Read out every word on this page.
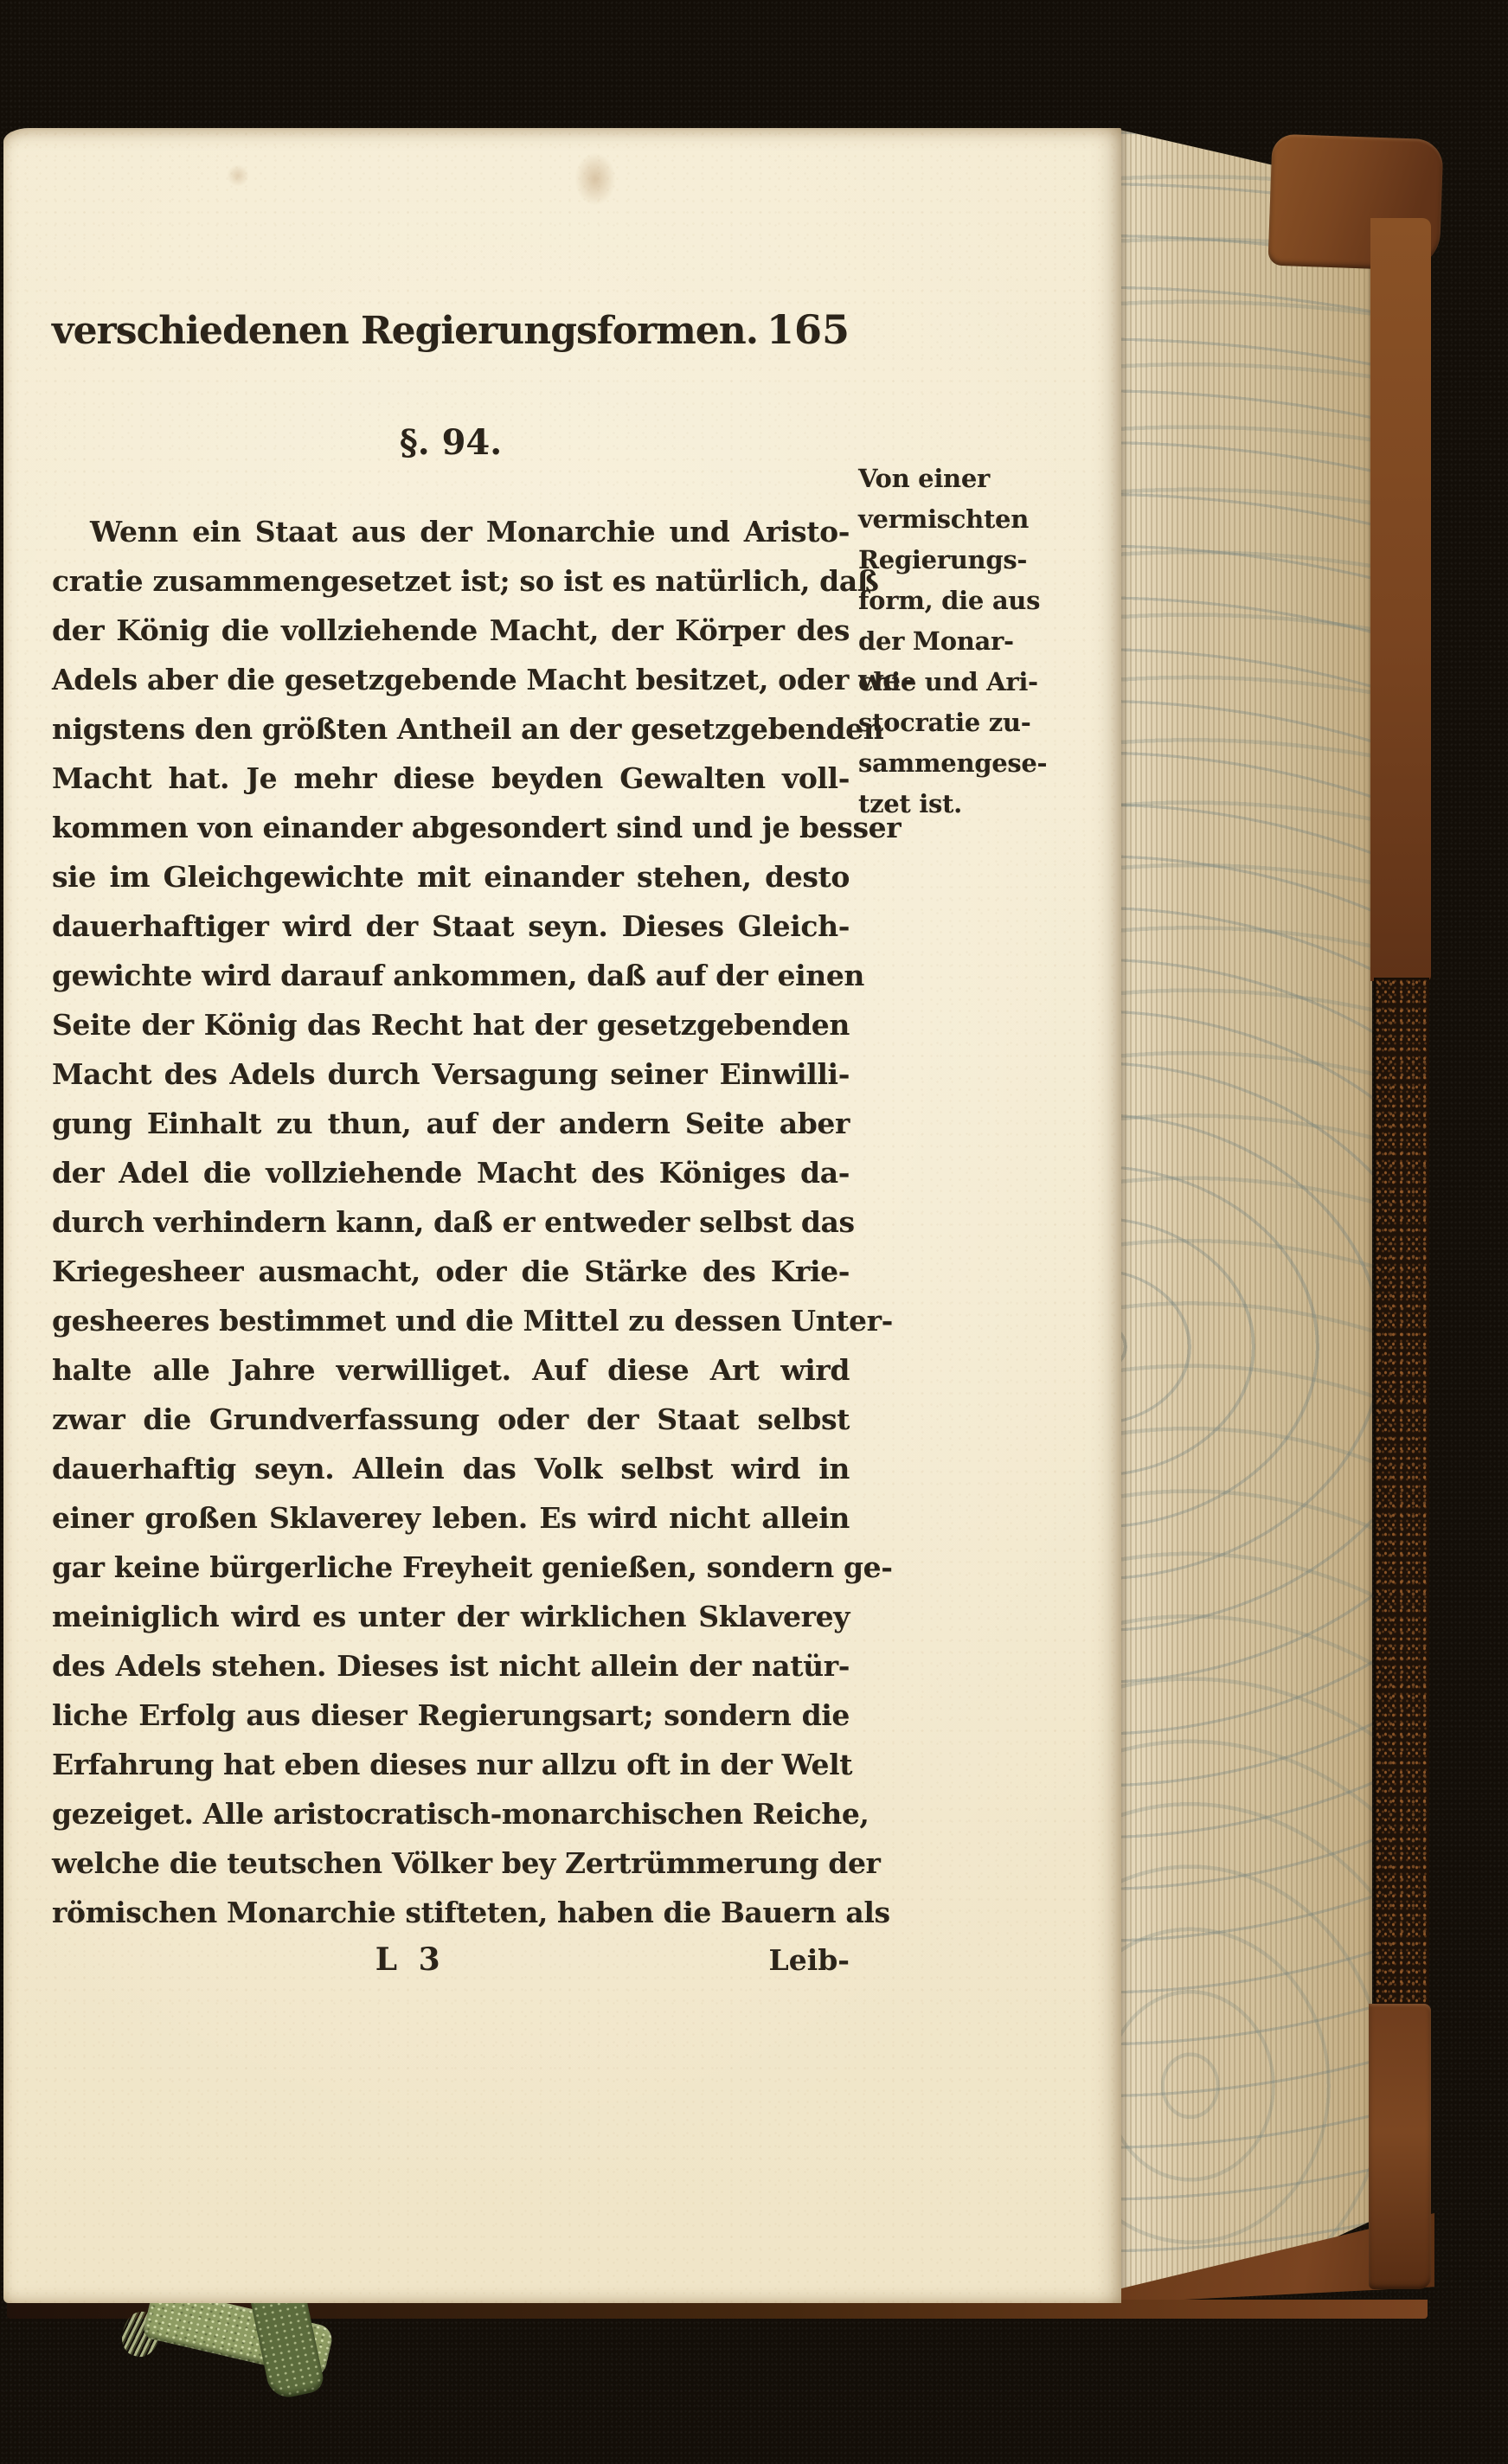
verschiedenen Regierungsformen. 165
§. 94.
Wenn ein Staat aus der Monarchie und Aristo-
cratie zusammengesetzet ist; so ist es natürlich, daß
der König die vollziehende Macht, der Körper des
Adels aber die gesetzgebende Macht besitzet, oder we-
nigstens den größten Antheil an der gesetzgebenden
Macht hat. Je mehr diese beyden Gewalten voll-
kommen von einander abgesondert sind und je besser
sie im Gleichgewichte mit einander stehen, desto
dauerhaftiger wird der Staat seyn. Dieses Gleich-
gewichte wird darauf ankommen, daß auf der einen
Seite der König das Recht hat der gesetzgebenden
Macht des Adels durch Versagung seiner Einwilli-
gung Einhalt zu thun, auf der andern Seite aber
der Adel die vollziehende Macht des Königes da-
durch verhindern kann, daß er entweder selbst das
Kriegesheer ausmacht, oder die Stärke des Krie-
gesheeres bestimmet und die Mittel zu dessen Unter-
halte alle Jahre verwilliget. Auf diese Art wird
zwar die Grundverfassung oder der Staat selbst
dauerhaftig seyn. Allein das Volk selbst wird in
einer großen Sklaverey leben. Es wird nicht allein
gar keine bürgerliche Freyheit genießen, sondern ge-
meiniglich wird es unter der wirklichen Sklaverey
des Adels stehen. Dieses ist nicht allein der natür-
liche Erfolg aus dieser Regierungsart; sondern die
Erfahrung hat eben dieses nur allzu oft in der Welt
gezeiget. Alle aristocratisch-monarchischen Reiche,
welche die teutschen Völker bey Zertrümmerung der
römischen Monarchie stifteten, haben die Bauern als
Von einer
vermischten
Regierungs-
form, die aus
der Monar-
chie und Ari-
stocratie zu-
sammengese-
tzet ist.
L 3	Leib-
